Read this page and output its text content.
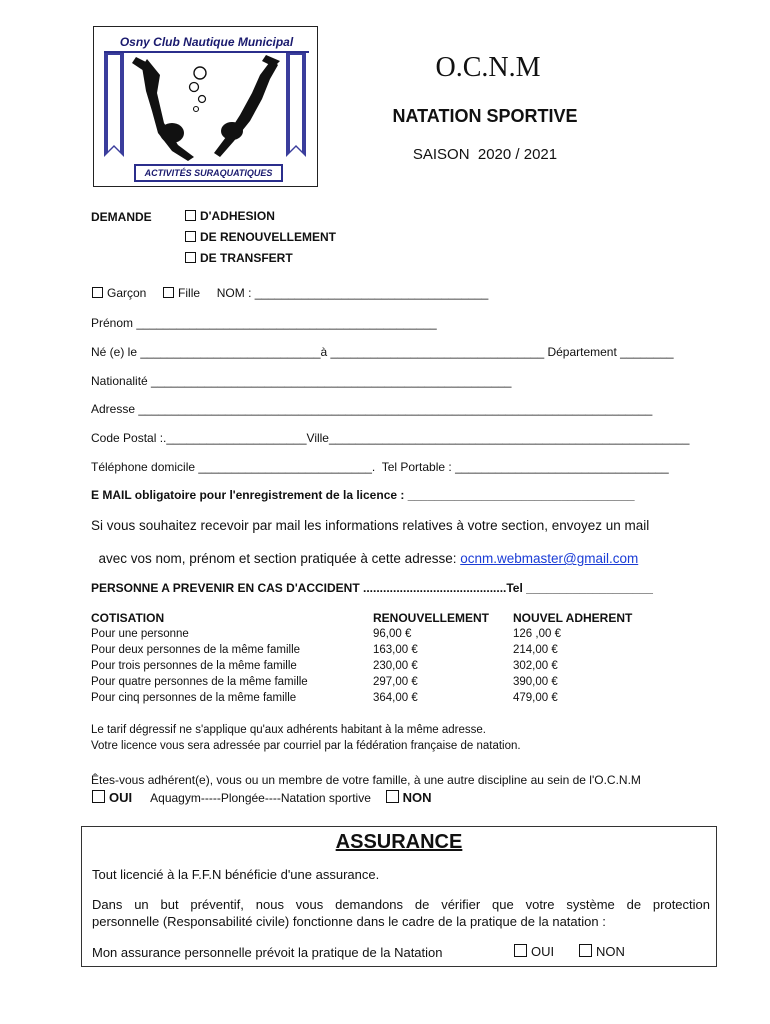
Osny Club Nautique Municipal
ACTIVITÉS SURAQUATIQUES
O.C.N.M
NATATION SPORTIVE
SAISON  2020 / 2021
DEMANDE	D'ADHESION
DE RENOUVELLEMENT
DE TRANSFERT
Garçon	Fille NOM : ___________________________________
Prénom _____________________________________________
Né (e) le ___________________________à ________________________________ Département ________
Nationalité ______________________________________________________
Adresse _____________________________________________________________________________
Code Postal :._____________________Ville______________________________________________________
Téléphone domicile __________________________.  Tel Portable : ________________________________
E MAIL obligatoire pour l'enregistrement de la licence : __________________________________
Si vous souhaitez recevoir par mail les informations relatives à votre section, envoyez un mail

avec vos nom, prénom et section pratiquée à cette adresse: ocnm.webmaster@gmail.com

PERSONNE A PREVENIR EN CAS D'ACCIDENT ...........................................Tel ___________________
COTISATION	RENOUVELLEMENT	NOUVEL ADHERENT
Pour une personne	96,00 €	126 ,00 €
Pour deux personnes de la même famille	163,00 €	214,00 €
Pour trois personnes de la même famille	230,00 €	302,00 €
Pour quatre personnes de la même famille	297,00 €	390,00 €
Pour cinq personnes de la même famille	364,00 €	479,00 €
Le tarif dégressif ne s'applique qu'aux adhérents habitant à la même adresse.
Votre licence vous sera adressée par courriel par la fédération française de natation.
Êtes-vous adhérent(e), vous ou un membre de votre famille, à une autre discipline au sein de l'O.C.N.M
OUI Aquagym-----Plongée----Natation sportive NON
ASSURANCE
Tout licencié à la F.F.N bénéficie d'une assurance.
Dans un but préventif, nous vous demandons de vérifier que votre système de protection
personnelle (Responsabilité civile) fonctionne dans le cadre de la pratique de la natation :
Mon assurance personnelle prévoit la pratique de la Natation	OUI	NON
